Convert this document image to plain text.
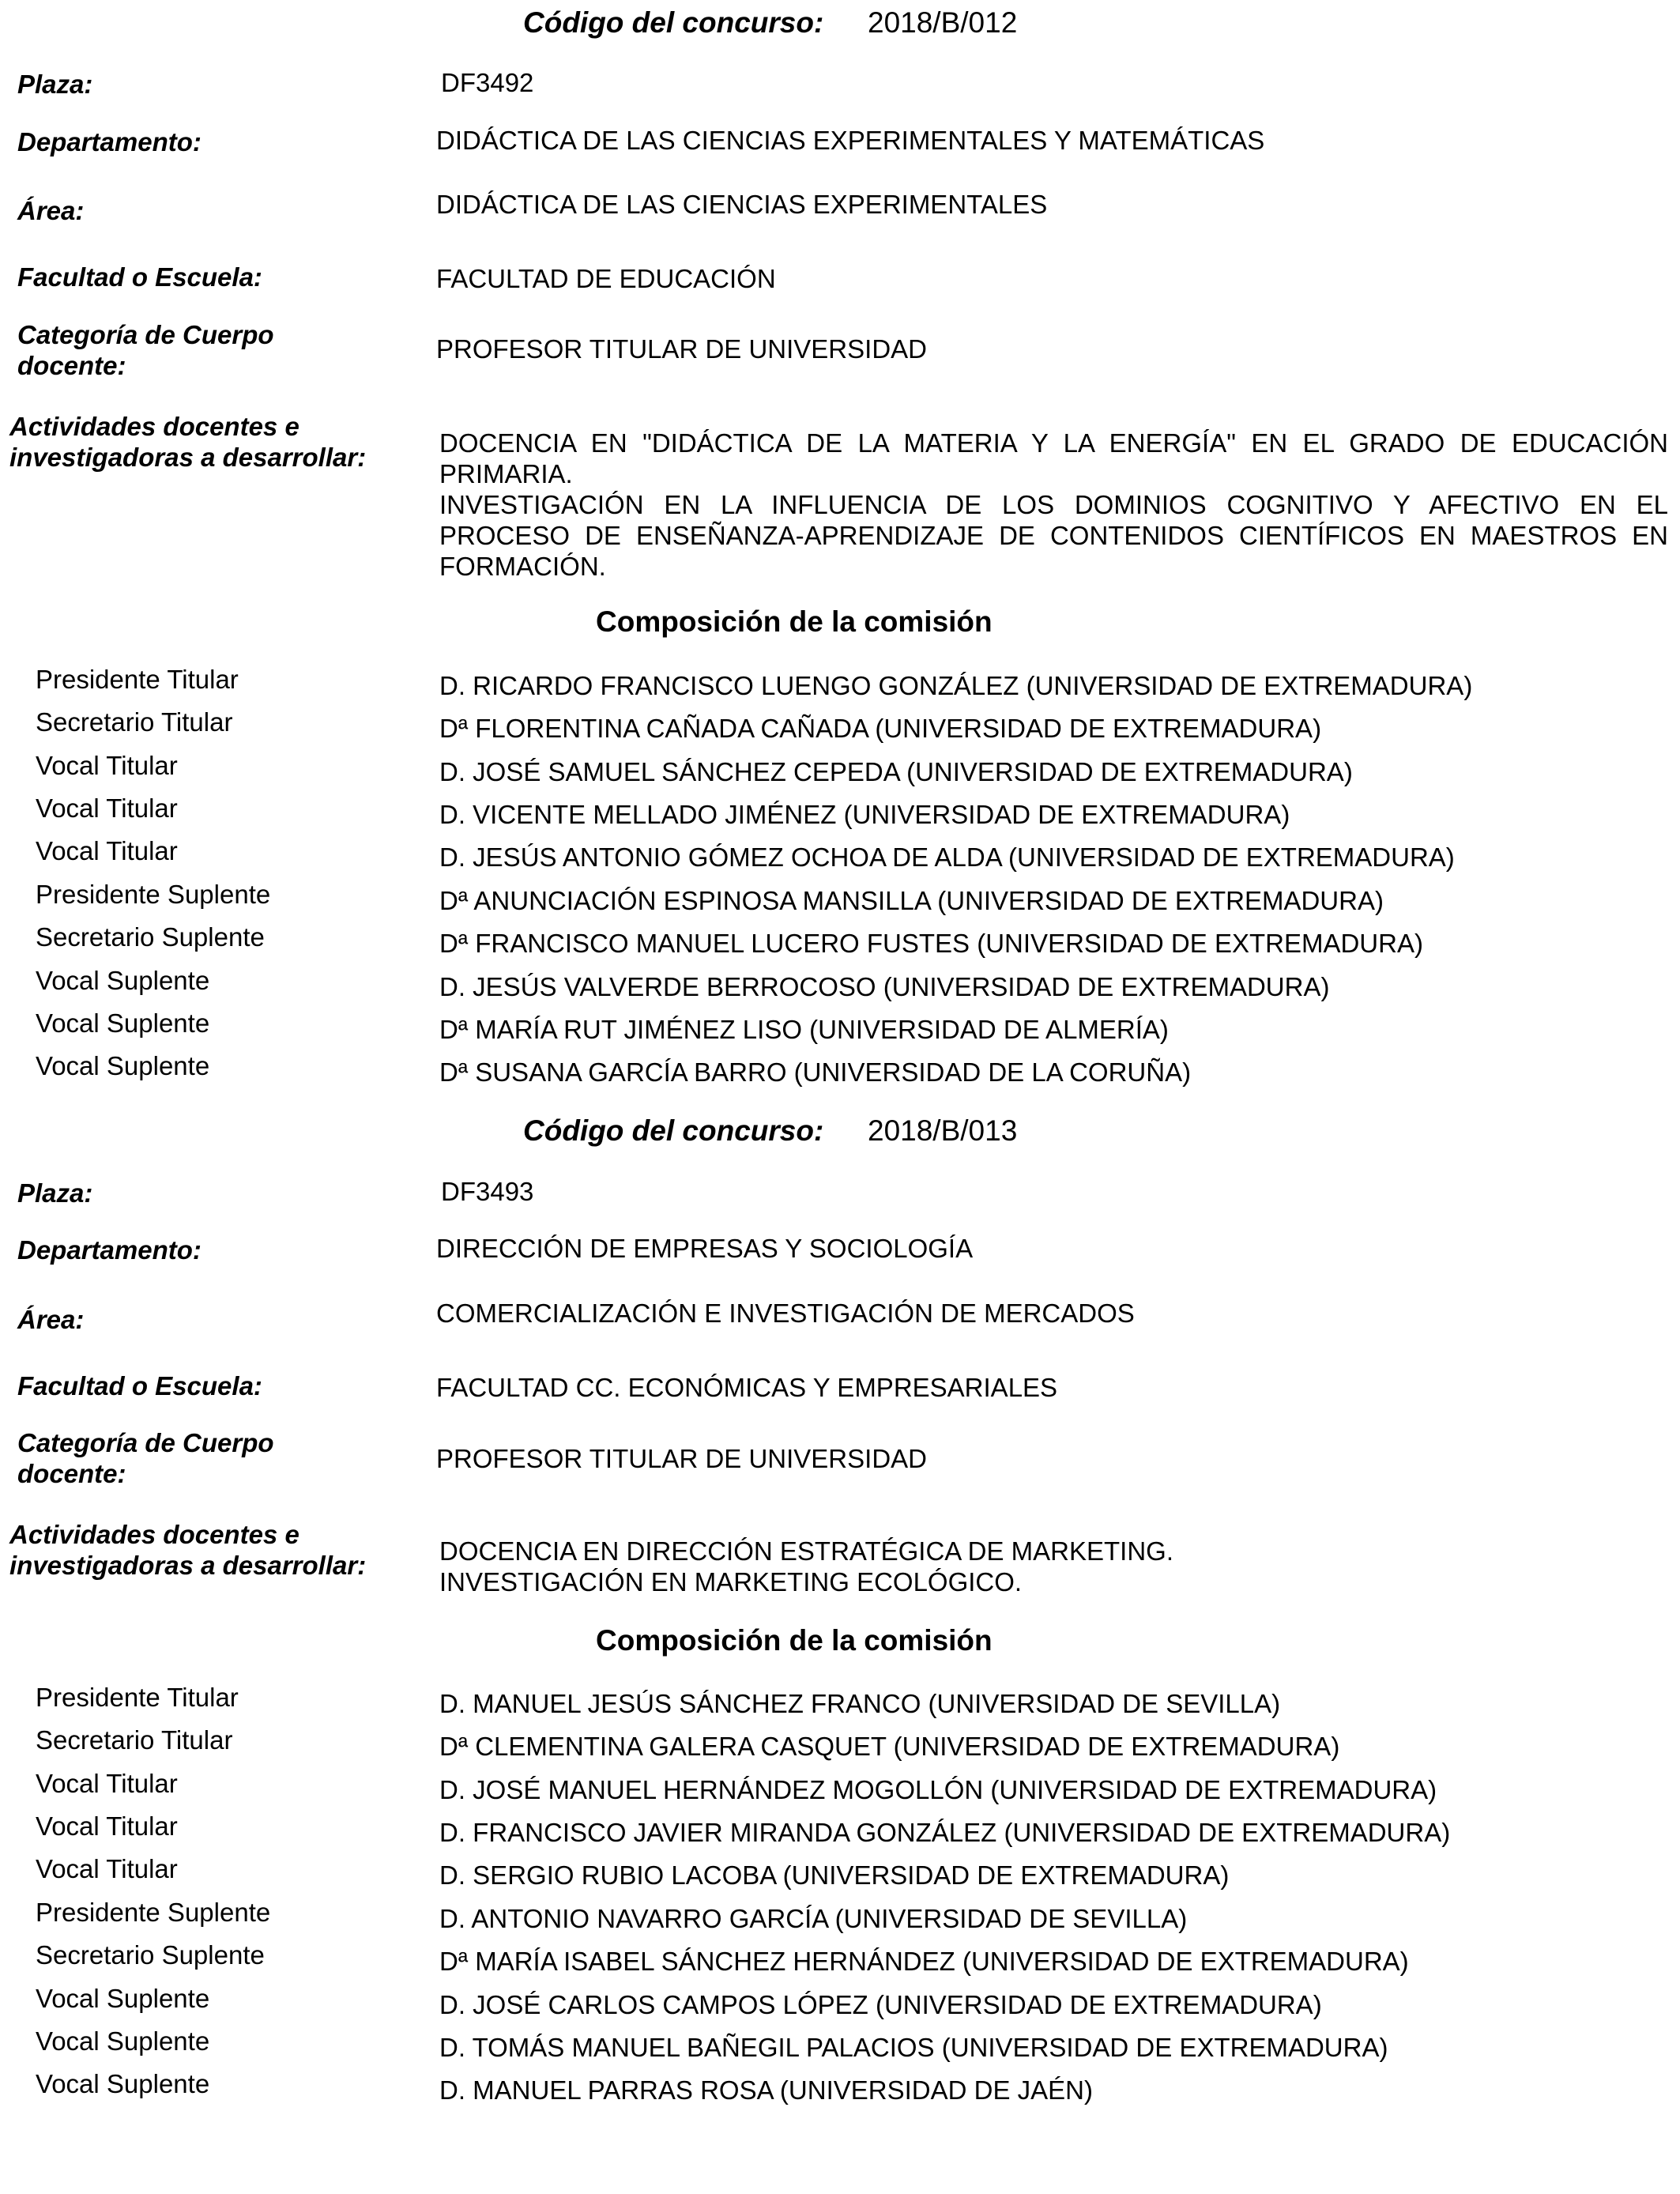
Código del concurso: 2018/B/012
Plaza:	DF3492
Departamento:	DIDÁCTICA DE LAS CIENCIAS EXPERIMENTALES Y MATEMÁTICAS
Área:	DIDÁCTICA DE LAS CIENCIAS EXPERIMENTALES
Facultad o Escuela:	FACULTAD DE EDUCACIÓN
Categoría de Cuerpo
docente:
PROFESOR TITULAR DE UNIVERSIDAD
Actividades docentes e
investigadoras a desarrollar:	DOCENCIA EN "DIDÁCTICA DE LA MATERIA Y LA ENERGÍA" EN EL GRADO DE EDUCACIÓN
PRIMARIA.
INVESTIGACIÓN EN LA INFLUENCIA DE LOS DOMINIOS COGNITIVO Y AFECTIVO EN EL
PROCESO DE ENSEÑANZA-APRENDIZAJE DE CONTENIDOS CIENTÍFICOS EN MAESTROS EN
FORMACIÓN.
Composición de la comisión
Presidente Titular	D. RICARDO FRANCISCO LUENGO GONZÁLEZ (UNIVERSIDAD DE EXTREMADURA)
Secretario Titular	Dª FLORENTINA CAÑADA CAÑADA (UNIVERSIDAD DE EXTREMADURA)
Vocal Titular	D. JOSÉ SAMUEL SÁNCHEZ CEPEDA (UNIVERSIDAD DE EXTREMADURA)
Vocal Titular	D. VICENTE MELLADO JIMÉNEZ (UNIVERSIDAD DE EXTREMADURA)
Vocal Titular	D. JESÚS ANTONIO GÓMEZ OCHOA DE ALDA (UNIVERSIDAD DE EXTREMADURA)
Presidente Suplente	Dª ANUNCIACIÓN ESPINOSA MANSILLA (UNIVERSIDAD DE EXTREMADURA)
Secretario Suplente	Dª FRANCISCO MANUEL LUCERO FUSTES (UNIVERSIDAD DE EXTREMADURA)
Vocal Suplente	D. JESÚS VALVERDE BERROCOSO (UNIVERSIDAD DE EXTREMADURA)
Vocal Suplente	Dª MARÍA RUT JIMÉNEZ LISO (UNIVERSIDAD DE ALMERÍA)
Vocal Suplente	Dª SUSANA GARCÍA BARRO (UNIVERSIDAD DE LA CORUÑA)
Código del concurso: 2018/B/013
Plaza:	DF3493
Departamento:	DIRECCIÓN DE EMPRESAS Y SOCIOLOGÍA
Área:	COMERCIALIZACIÓN E INVESTIGACIÓN DE MERCADOS
Facultad o Escuela:	FACULTAD CC. ECONÓMICAS Y EMPRESARIALES
Categoría de Cuerpo
docente:
PROFESOR TITULAR DE UNIVERSIDAD
Actividades docentes e
investigadoras a desarrollar:	DOCENCIA EN DIRECCIÓN ESTRATÉGICA DE MARKETING.
INVESTIGACIÓN EN MARKETING ECOLÓGICO.
Composición de la comisión
Presidente Titular	D. MANUEL JESÚS SÁNCHEZ FRANCO (UNIVERSIDAD DE SEVILLA)
Secretario Titular	Dª CLEMENTINA GALERA CASQUET (UNIVERSIDAD DE EXTREMADURA)
Vocal Titular	D. JOSÉ MANUEL HERNÁNDEZ MOGOLLÓN (UNIVERSIDAD DE EXTREMADURA)
Vocal Titular	D. FRANCISCO JAVIER MIRANDA GONZÁLEZ (UNIVERSIDAD DE EXTREMADURA)
Vocal Titular	D. SERGIO RUBIO LACOBA (UNIVERSIDAD DE EXTREMADURA)
Presidente Suplente	D. ANTONIO NAVARRO GARCÍA (UNIVERSIDAD DE SEVILLA)
Secretario Suplente	Dª MARÍA ISABEL SÁNCHEZ HERNÁNDEZ (UNIVERSIDAD DE EXTREMADURA)
Vocal Suplente	D. JOSÉ CARLOS CAMPOS LÓPEZ (UNIVERSIDAD DE EXTREMADURA)
Vocal Suplente	D. TOMÁS MANUEL BAÑEGIL PALACIOS (UNIVERSIDAD DE EXTREMADURA)
Vocal Suplente	D. MANUEL PARRAS ROSA (UNIVERSIDAD DE JAÉN)
